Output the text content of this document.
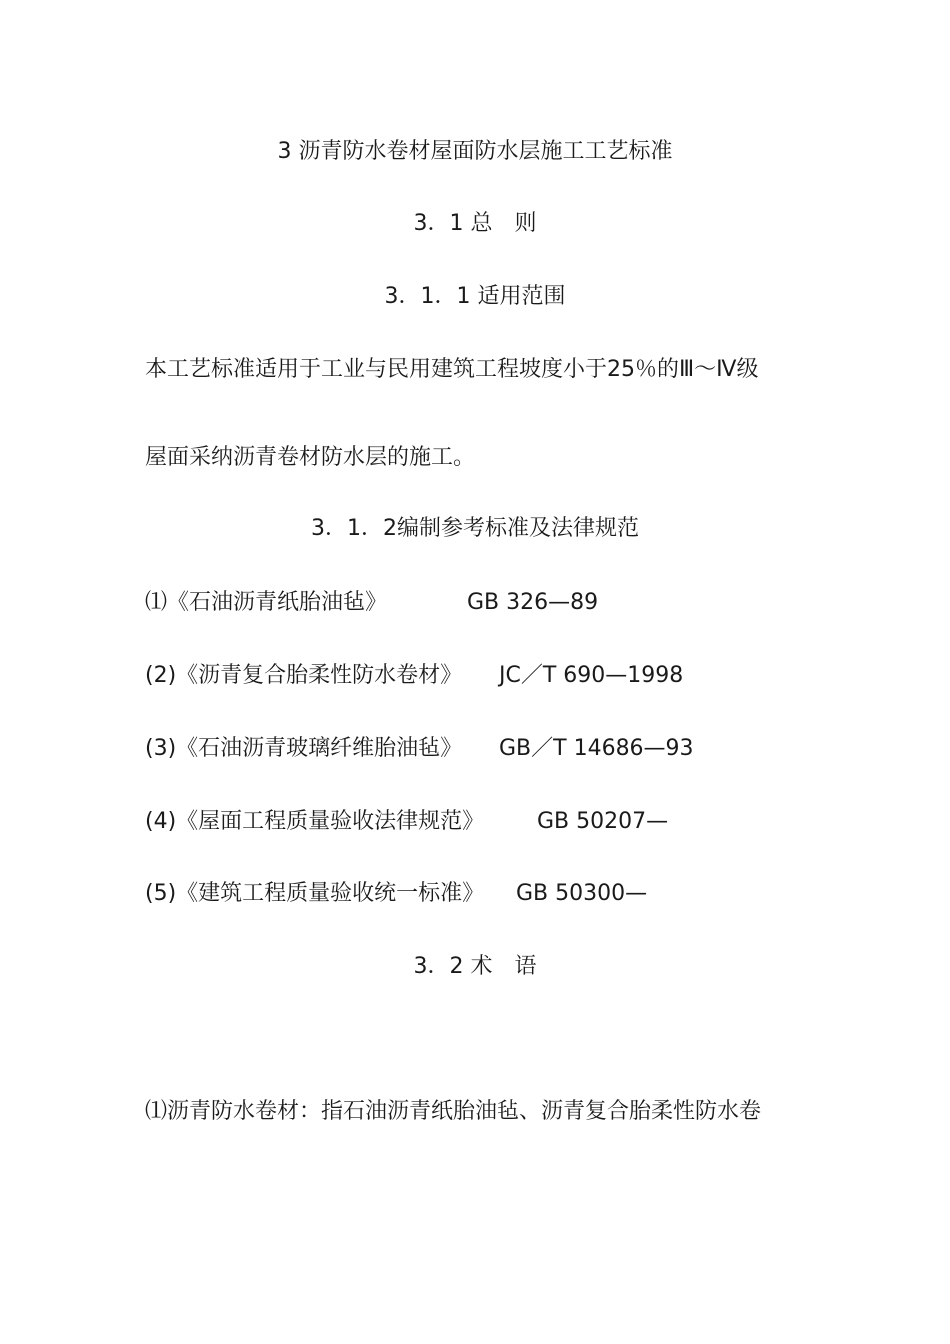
3 沥青防水卷材屋面防水层施工工艺标准
3．1 总　则
3．1．1 适用范围
本工艺标准适用于工业与民用建筑工程坡度小于25％的Ⅲ～Ⅳ级
屋面采纳沥青卷材防水层的施工。
3．1．2编制参考标准及法律规范
⑴《石油沥青纸胎油毡》	GB 326—89
(2)《沥青复合胎柔性防水卷材》 JC／T 690—1998
(3)《石油沥青玻璃纤维胎油毡》 GB／T 14686—93
(4)《屋面工程质量验收法律规范》 GB 50207—
(5)《建筑工程质量验收统一标准》 GB 50300—
3．2 术　语
⑴沥青防水卷材：指石油沥青纸胎油毡、沥青复合胎柔性防水卷
